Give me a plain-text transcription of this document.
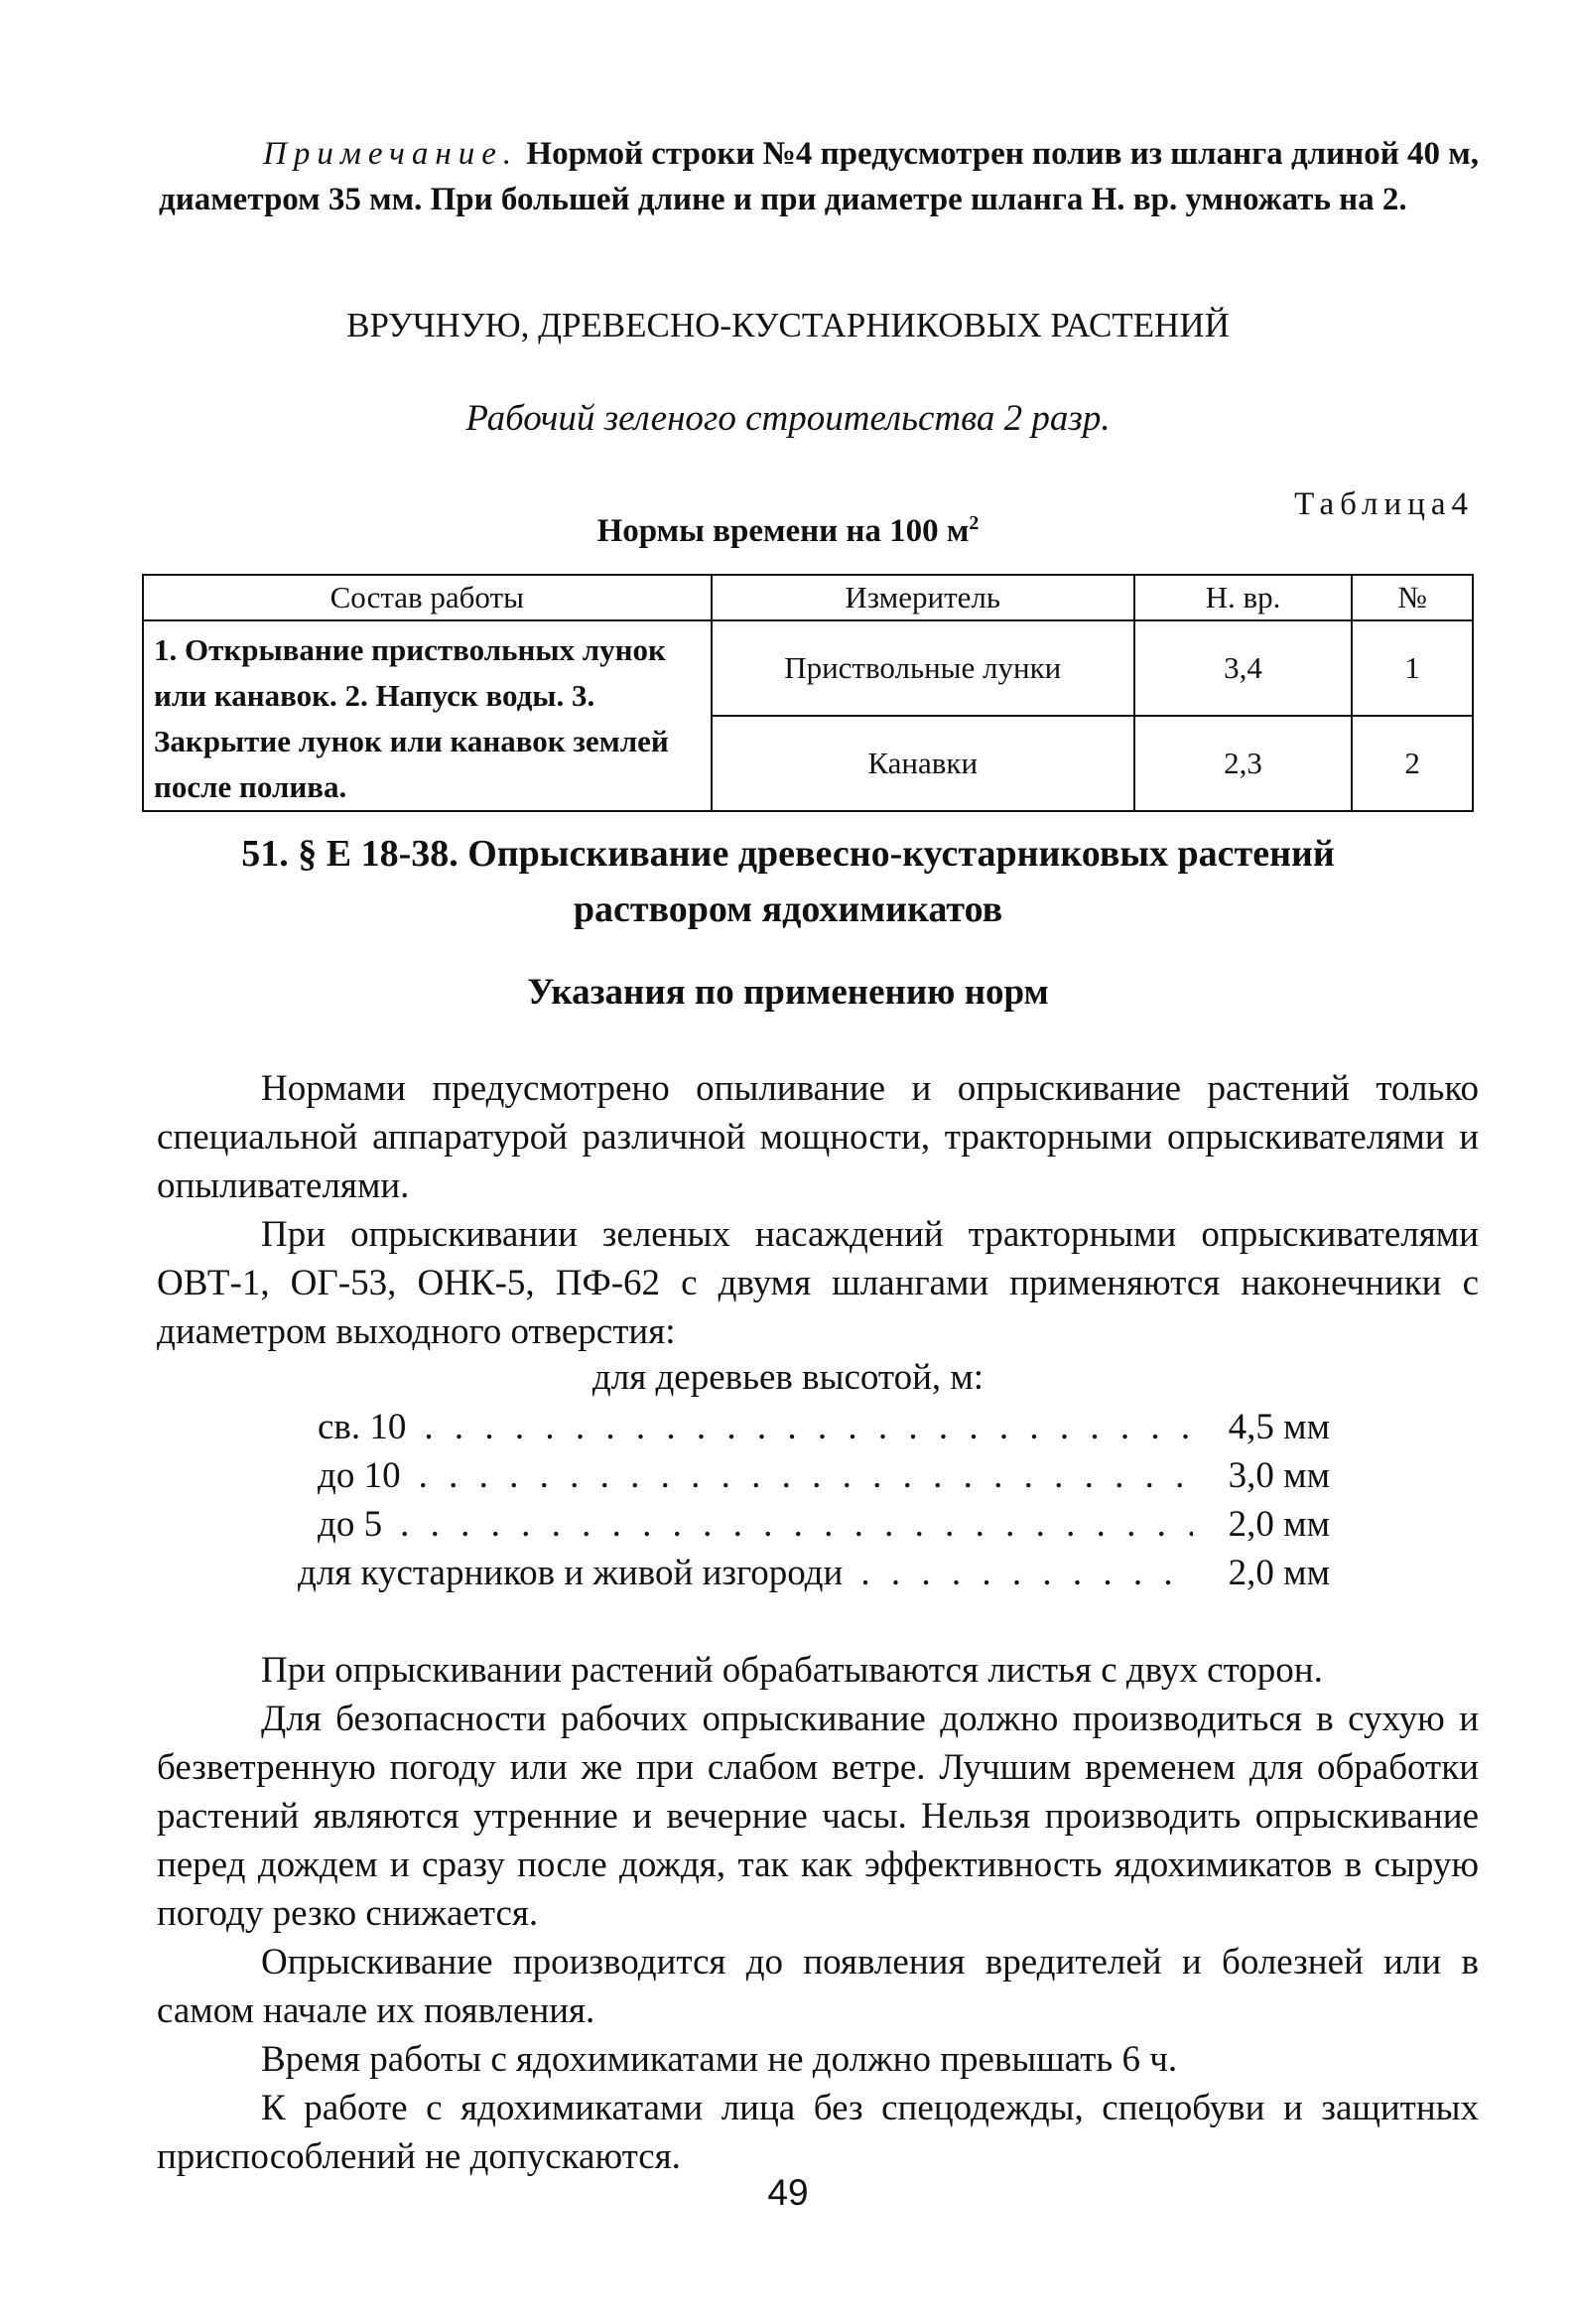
Примечание. Нормой строки №4 предусмотрен полив из шланга длиной 40 м, диаметром 35 мм. При большей длине и при диаметре шланга Н. вр. умножать на 2.
ВРУЧНУЮ, ДРЕВЕСНО-КУСТАРНИКОВЫХ РАСТЕНИЙ
Рабочий зеленого строительства 2 разр.
Таблица4
Нормы времени на 100 $м^2$
Состав работы	Измеритель	Н. вр.	№
1. Открывание приствольных лунок или канавок. 2. Напуск воды. 3. Закрытие лунок или канавок землей после полива.	Приствольные лунки	3,4	1
	Канавки	2,3	2
51. § Е 18-38. Опрыскивание древесно-кустарниковых растений
раствором ядохимикатов
Указания по применению норм
Нормами предусмотрено опыливание и опрыскивание растений только специальной аппаратурой различной мощности, тракторными опрыскивателями и опыливателями.
При опрыскивании зеленых насаждений тракторными опрыскивателями ОВТ-1, ОГ-53, ОНК-5, ПФ-62 с двумя шлангами применяются наконечники с диаметром выходного отверстия:
для деревьев высотой, м:
св. 10 . . .	4,5 мм
до 10 . . .	3,0 мм
до 5 . . .	2,0 мм
для кустарников и живой изгороди . . .	2,0 мм
При опрыскивании растений обрабатываются листья с двух сторон.
Для безопасности рабочих опрыскивание должно производиться в сухую и безветренную погоду или же при слабом ветре. Лучшим временем для обработки растений являются утренние и вечерние часы. Нельзя производить опрыскивание перед дождем и сразу после дождя, так как эффективность ядохимикатов в сырую погоду резко снижается.
Опрыскивание производится до появления вредителей и болезней или в самом начале их появления.
Время работы с ядохимикатами не должно превышать 6 ч.
К работе с ядохимикатами лица без спецодежды, спецобуви и защитных приспособлений не допускаются.
49
